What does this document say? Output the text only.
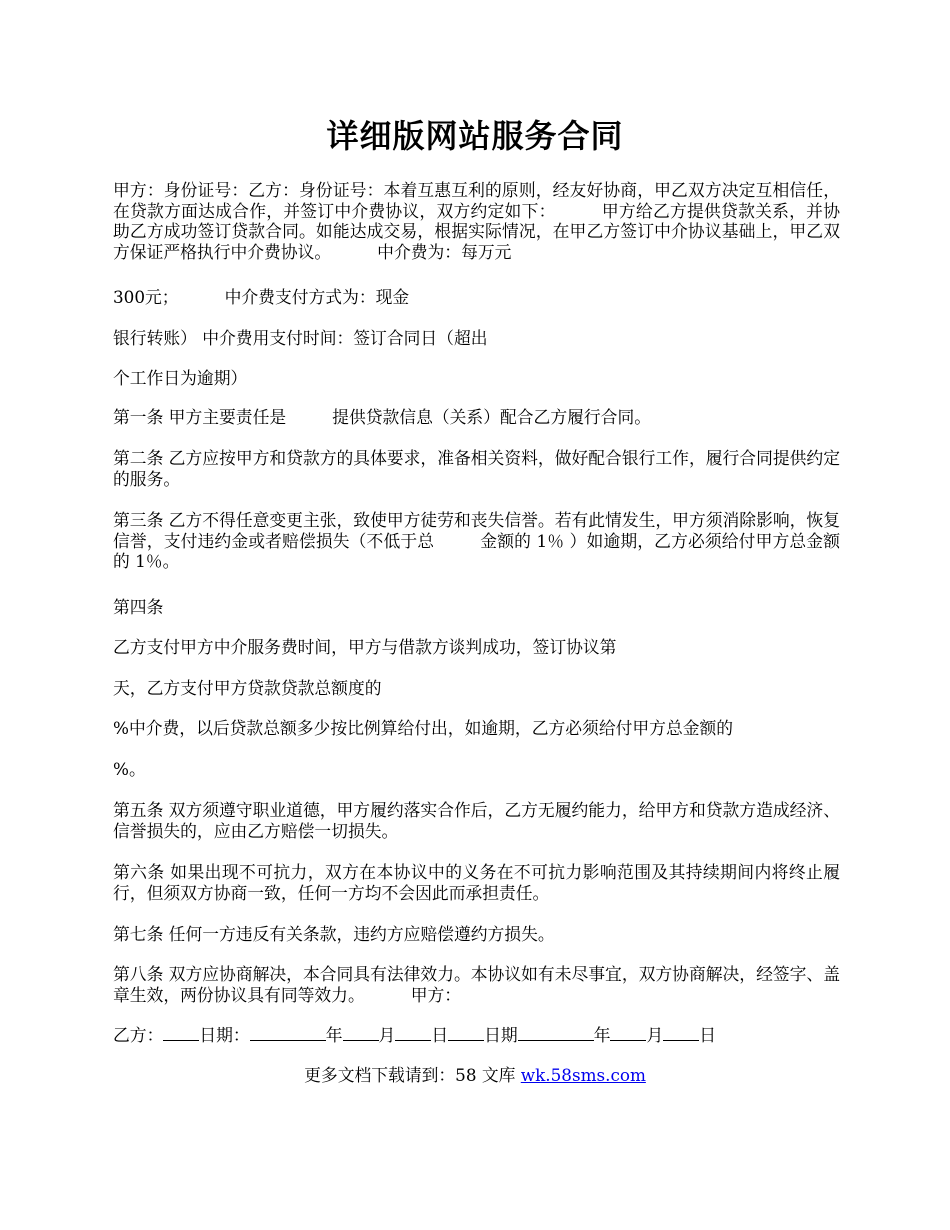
详细版网站服务合同

甲方：身份证号：乙方：身份证号：本着互惠互利的原则，经友好协商，甲乙双方决定互相信任，在贷款方面达成合作，并签订中介费协议，双方约定如下：	甲方给乙方提供贷款关系，并协助乙方成功签订贷款合同。如能达成交易，根据实际情况，在甲乙方签订中介协议基础上，甲乙双方保证严格执行中介费协议。	中介费为：每万元

300元；	中介费支付方式为：现金

银行转账） 中介费用支付时间：签订合同日（超出

个工作日为逾期）

第一条 甲方主要责任是	提供贷款信息（关系）配合乙方履行合同。

第二条 乙方应按甲方和贷款方的具体要求，准备相关资料，做好配合银行工作，履行合同提供约定的服务。

第三条 乙方不得任意变更主张，致使甲方徒劳和丧失信誉。若有此情发生，甲方须消除影响，恢复信誉，支付违约金或者赔偿损失（不低于总	金额的 1％ ）如逾期，乙方必须给付甲方总金额的 1％。

第四条

乙方支付甲方中介服务费时间，甲方与借款方谈判成功，签订协议第

天，乙方支付甲方贷款贷款总额度的

%中介费，以后贷款总额多少按比例算给付出，如逾期，乙方必须给付甲方总金额的

%。

第五条 双方须遵守职业道德，甲方履约落实合作后，乙方无履约能力，给甲方和贷款方造成经济、信誉损失的，应由乙方赔偿一切损失。

第六条 如果出现不可抗力，双方在本协议中的义务在不可抗力影响范围及其持续期间内将终止履行，但须双方协商一致，任何一方均不会因此而承担责任。

第七条 任何一方违反有关条款，违约方应赔偿遵约方损失。

第八条 双方应协商解决，本合同具有法律效力。本协议如有未尽事宜，双方协商解决，经签字、盖章生效，两份协议具有同等效力。	甲方：

乙方： 日期：	年 月 日 日期	年 月 日

更多文档下载请到：58 文库 wk.58sms.com
